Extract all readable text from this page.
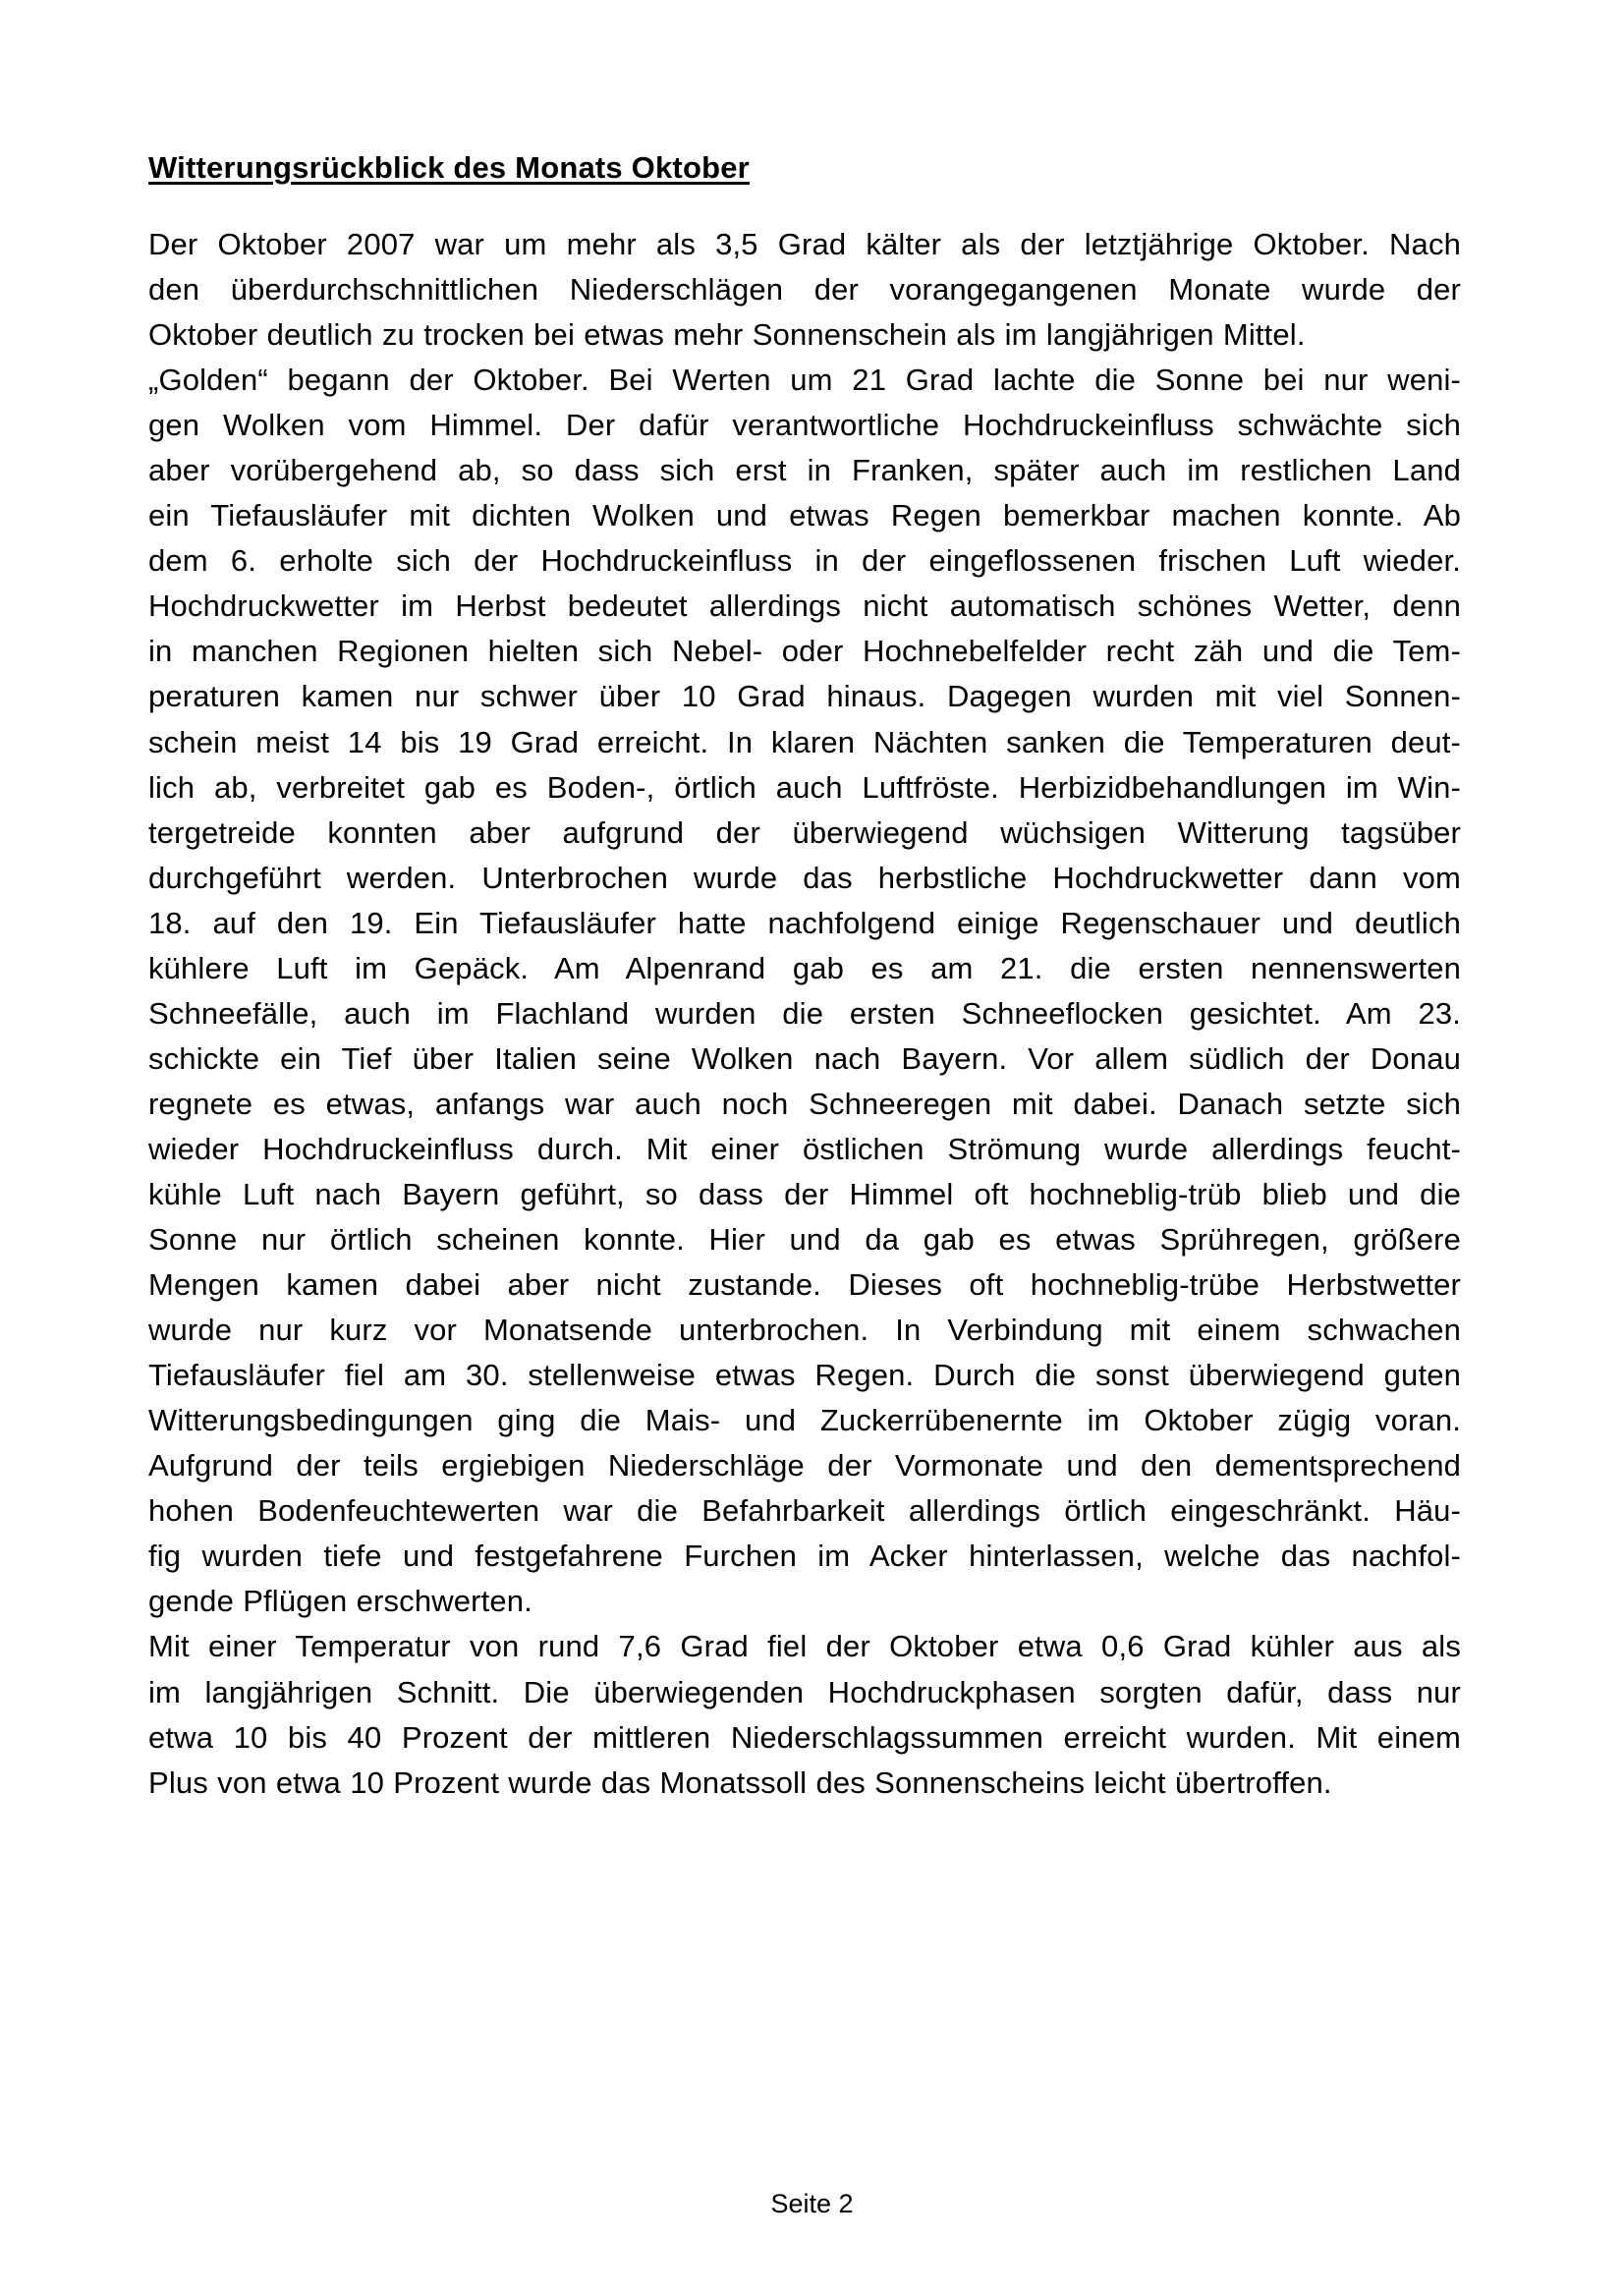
Witterungsrückblick des Monats Oktober

Der Oktober 2007 war um mehr als 3,5 Grad kälter als der letztjährige Oktober. Nach
den überdurchschnittlichen Niederschlägen der vorangegangenen Monate wurde der
Oktober deutlich zu trocken bei etwas mehr Sonnenschein als im langjährigen Mittel.

„Golden“ begann der Oktober. Bei Werten um 21 Grad lachte die Sonne bei nur weni-
gen Wolken vom Himmel. Der dafür verantwortliche Hochdruckeinfluss schwächte sich
aber vorübergehend ab, so dass sich erst in Franken, später auch im restlichen Land
ein Tiefausläufer mit dichten Wolken und etwas Regen bemerkbar machen konnte. Ab
dem 6. erholte sich der Hochdruckeinfluss in der eingeflossenen frischen Luft wieder.
Hochdruckwetter im Herbst bedeutet allerdings nicht automatisch schönes Wetter, denn
in manchen Regionen hielten sich Nebel- oder Hochnebelfelder recht zäh und die Tem-
peraturen kamen nur schwer über 10 Grad hinaus. Dagegen wurden mit viel Sonnen-
schein meist 14 bis 19 Grad erreicht. In klaren Nächten sanken die Temperaturen deut-
lich ab, verbreitet gab es Boden-, örtlich auch Luftfröste. Herbizidbehandlungen im Win-
tergetreide konnten aber aufgrund der überwiegend wüchsigen Witterung tagsüber
durchgeführt werden. Unterbrochen wurde das herbstliche Hochdruckwetter dann vom
18. auf den 19. Ein Tiefausläufer hatte nachfolgend einige Regenschauer und deutlich
kühlere Luft im Gepäck. Am Alpenrand gab es am 21. die ersten nennenswerten
Schneefälle, auch im Flachland wurden die ersten Schneeflocken gesichtet. Am 23.
schickte ein Tief über Italien seine Wolken nach Bayern. Vor allem südlich der Donau
regnete es etwas, anfangs war auch noch Schneeregen mit dabei. Danach setzte sich
wieder Hochdruckeinfluss durch. Mit einer östlichen Strömung wurde allerdings feucht-
kühle Luft nach Bayern geführt, so dass der Himmel oft hochneblig-trüb blieb und die
Sonne nur örtlich scheinen konnte. Hier und da gab es etwas Sprühregen, größere
Mengen kamen dabei aber nicht zustande. Dieses oft hochneblig-trübe Herbstwetter
wurde nur kurz vor Monatsende unterbrochen. In Verbindung mit einem schwachen
Tiefausläufer fiel am 30. stellenweise etwas Regen. Durch die sonst überwiegend guten
Witterungsbedingungen ging die Mais- und Zuckerrübenernte im Oktober zügig voran.
Aufgrund der teils ergiebigen Niederschläge der Vormonate und den dementsprechend
hohen Bodenfeuchtewerten war die Befahrbarkeit allerdings örtlich eingeschränkt. Häu-
fig wurden tiefe und festgefahrene Furchen im Acker hinterlassen, welche das nachfol-
gende Pflügen erschwerten.

Mit einer Temperatur von rund 7,6 Grad fiel der Oktober etwa 0,6 Grad kühler aus als
im langjährigen Schnitt. Die überwiegenden Hochdruckphasen sorgten dafür, dass nur
etwa 10 bis 40 Prozent der mittleren Niederschlagssummen erreicht wurden. Mit einem
Plus von etwa 10 Prozent wurde das Monatssoll des Sonnenscheins leicht übertroffen.

Seite 2
